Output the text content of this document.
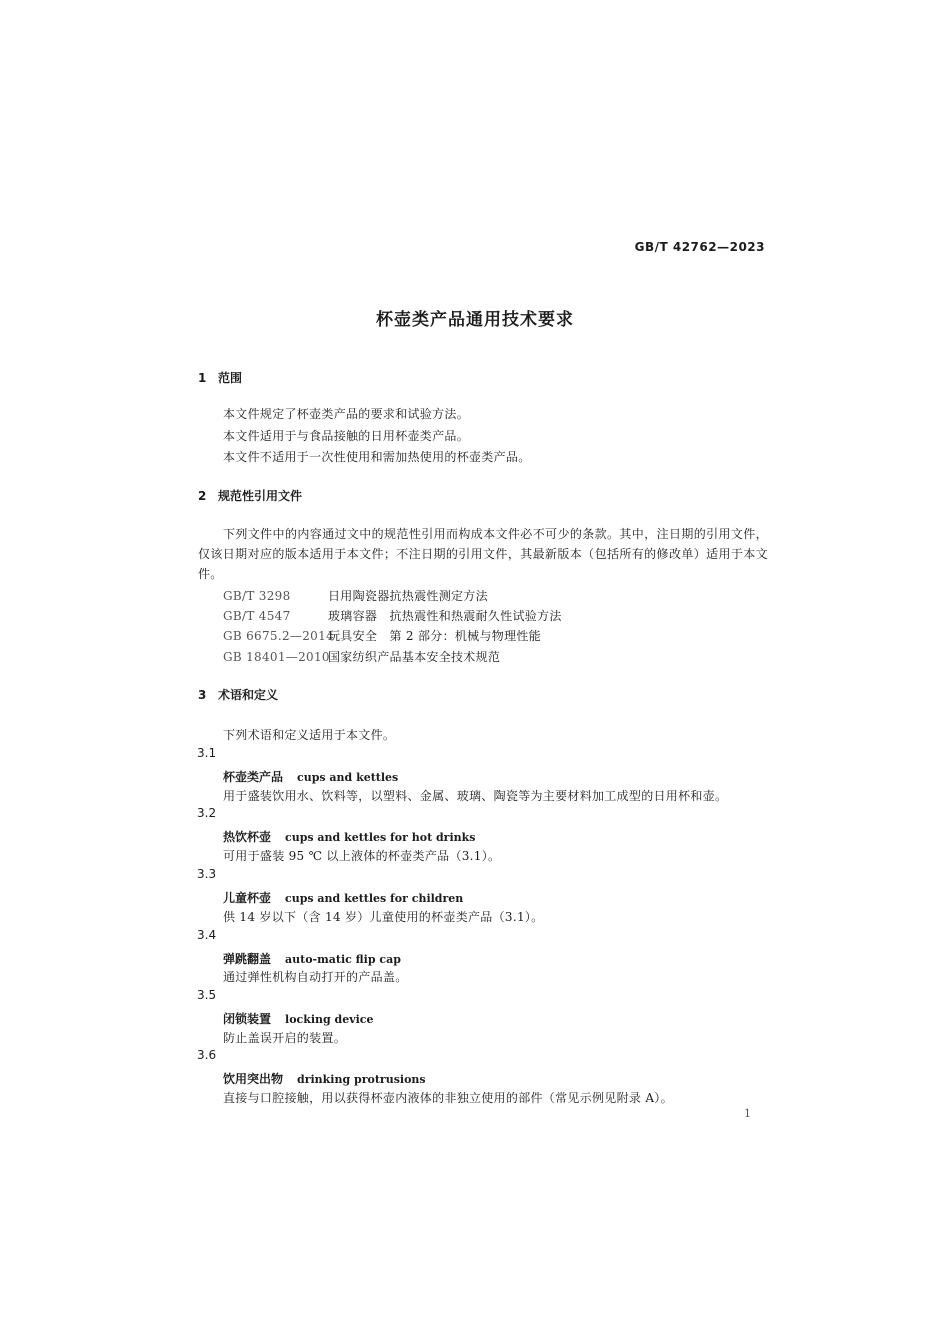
GB/T 42762—2023
杯壶类产品通用技术要求
1 范围
本文件规定了杯壶类产品的要求和试验方法。
本文件适用于与食品接触的日用杯壶类产品。
本文件不适用于一次性使用和需加热使用的杯壶类产品。
2 规范性引用文件
下列文件中的内容通过文中的规范性引用而构成本文件必不可少的条款。其中，注日期的引用文件，仅该日期对应的版本适用于本文件；不注日期的引用文件，其最新版本（包括所有的修改单）适用于本文件。
GB/T 3298	日用陶瓷器抗热震性测定方法
GB/T 4547	玻璃容器　抗热震性和热震耐久性试验方法
GB 6675.2—2014玩具安全　第 2 部分：机械与物理性能
GB 18401—2010国家纺织产品基本安全技术规范
3 术语和定义
下列术语和定义适用于本文件。
3.1
杯壶类产品 cups and kettles
用于盛装饮用水、饮料等，以塑料、金属、玻璃、陶瓷等为主要材料加工成型的日用杯和壶。
3.2
热饮杯壶 cups and kettles for hot drinks
可用于盛装 95 ℃ 以上液体的杯壶类产品（3.1）。
3.3
儿童杯壶 cups and kettles for children
供 14 岁以下（含 14 岁）儿童使用的杯壶类产品（3.1）。
3.4
弹跳翻盖 auto-matic flip cap
通过弹性机构自动打开的产品盖。
3.5
闭锁装置 locking device
防止盖误开启的装置。
3.6
饮用突出物 drinking protrusions
直接与口腔接触，用以获得杯壶内液体的非独立使用的部件（常见示例见附录 A）。
1
